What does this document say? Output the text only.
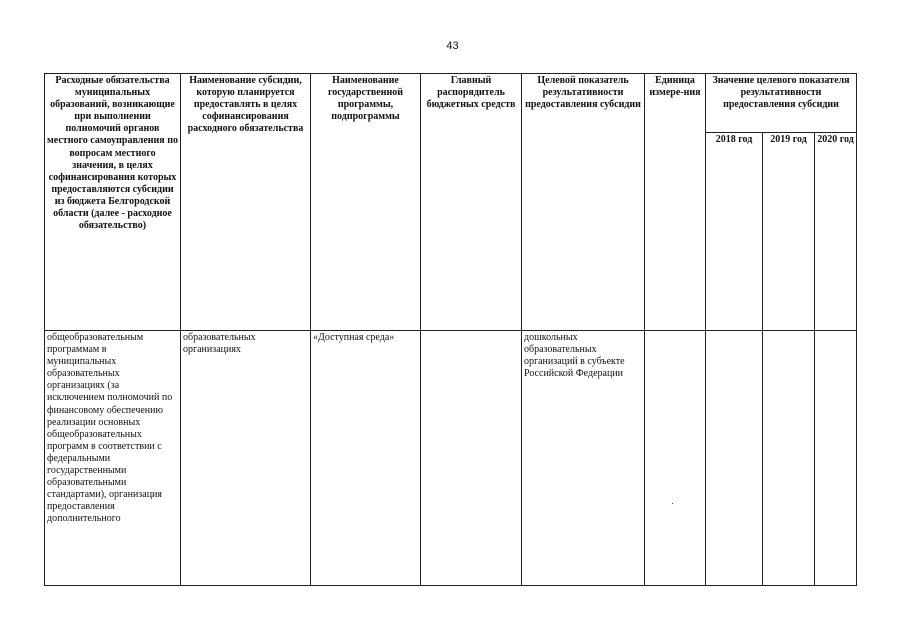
43
Расходные обязательства муниципальных образований, возникающие при выполнении полномочий органов местного самоуправления по вопросам местного значения, в целях софинансирования которых предоставляются субсидии из бюджета Белгородской области (далее - расходное обязательство)	Наименование субсидии, которую планируется предоставлять в целях софинансирования расходного обязательства	Наименование государственной программы, подпрограммы	Главный распорядитель бюджетных средств	Целевой показатель результативности предоставления субсидии	Единица измере-ния	Значение целевого показателя результативности предоставления субсидии		
						2018 год	2019 год	2020 год
общеобразовательным программам в муниципальных образовательных организациях (за исключением полномочий по финансовому обеспечению реализации основных общеобразовательных программ в соответствии с федеральными государственными образовательными стандартами), организация предоставления дополнительного	образовательных организациях	«Доступная среда»		дошкольных образовательных организаций в субъекте Российской Федерации				
